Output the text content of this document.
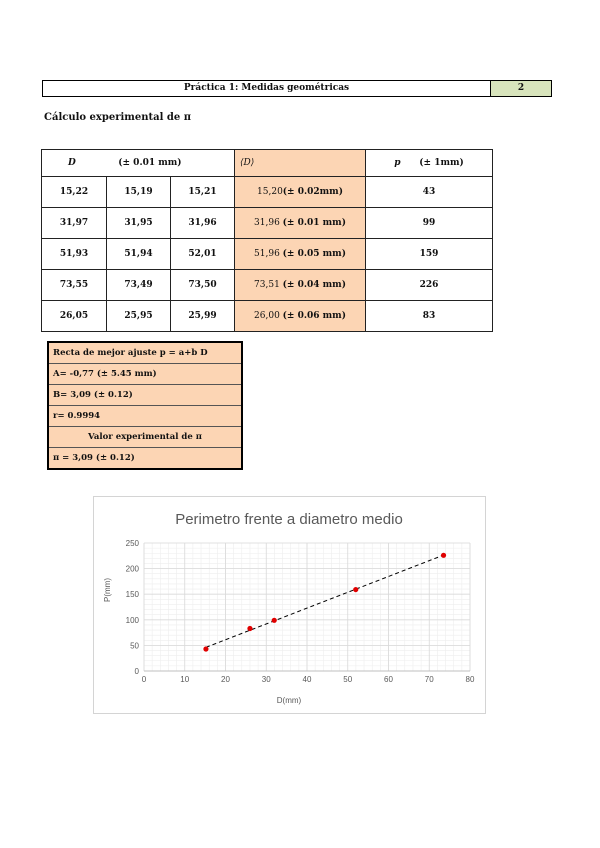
Práctica 1: Medidas geométricas	2
Cálculo experimental de π
D (± 0.01 mm)			⟨D⟩	p (± 1mm)
15,22	15,19	15,21	15,20(± 0.02mm)	43
31,97	31,95	31,96	31,96 (± 0.01 mm)	99
51,93	51,94	52,01	51,96 (± 0.05 mm)	159
73,55	73,49	73,50	73,51 (± 0.04 mm)	226
26,05	25,95	25,99	26,00 (± 0.06 mm)	83
Recta de mejor ajuste p = a+b D
A= -0,77 (± 5.45 mm)
B= 3,09 (± 0.12)
r= 0.9994
Valor experimental de π
π = 3,09 (± 0.12)
Perimetro frente a diametro medio
D(mm)
P(mm)
0	10	20	30	40	50	60	70	80
0
50
100
150
200
250
